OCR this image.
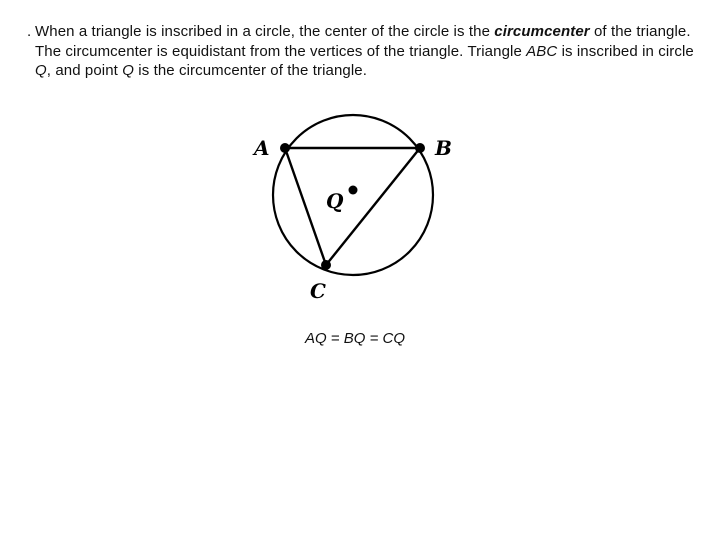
. When a triangle is inscribed in a circle, the center of the circle is the circumcenter of the triangle. The circumcenter is equidistant from the vertices of the triangle. Triangle ABC is inscribed in circle Q, and point Q is the circumcenter of the triangle.

A	B
C
Q
AQ = BQ = CQ
